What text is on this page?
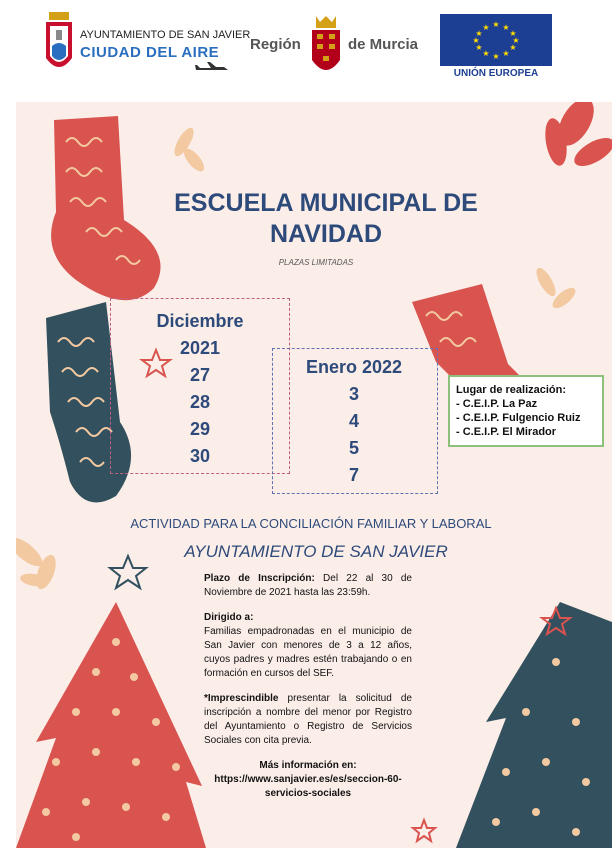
AYUNTAMIENTO DE SAN JAVIER
CIUDAD DEL AIRE Región	de Murcia
★ ★
★
★
★
★
★
★
★
★
★
★
UNIÓN EUROPEA
ESCUELA MUNICIPAL DE NAVIDAD
PLAZAS LIMITADAS
Diciembre
2021
27
28
29
30
Enero 2022
3
4
5
7
Lugar de realización:
- C.E.I.P. La Paz
- C.E.I.P. Fulgencio Ruiz
- C.E.I.P. El Mirador
ACTIVIDAD PARA LA CONCILIACIÓN FAMILIAR Y LABORAL
AYUNTAMIENTO DE SAN JAVIER

Plazo de Inscripción: Del 22 al 30 de Noviembre de 2021 hasta las 23:59h.

Dirigido a:
Familias empadronadas en el municipio de San Javier con menores de 3 a 12 años, cuyos padres y madres estén trabajando o en formación en cursos del SEF.

*Imprescindible presentar la solicitud de inscripción a nombre del menor por Registro del Ayuntamiento o Registro de Servicios Sociales con cita previa.

Más información en:
https://www.sanjavier.es/es/seccion-60-servicios-sociales
